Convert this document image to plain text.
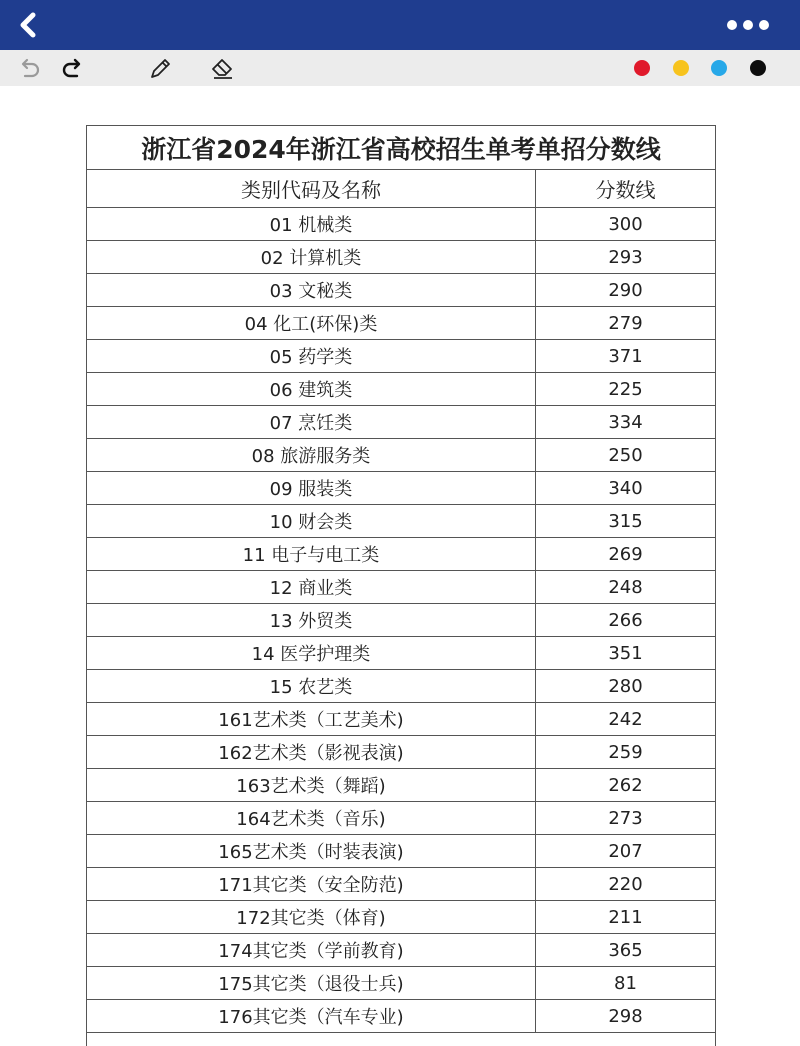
浙江省2024年浙江省高校招生单考单招分数线
类别代码及名称	分数线
01 机械类	300
02 计算机类	293
03 文秘类	290
04 化工(环保)类	279
05 药学类	371
06 建筑类	225
07 烹饪类	334
08 旅游服务类	250
09 服装类	340
10 财会类	315
11 电子与电工类	269
12 商业类	248
13 外贸类	266
14 医学护理类	351
15 农艺类	280
161艺术类（工艺美术)	242
162艺术类（影视表演)	259
163艺术类（舞蹈)	262
164艺术类（音乐)	273
165艺术类（时装表演)	207
171其它类（安全防范)	220
172其它类（体育)	211
174其它类（学前教育)	365
175其它类（退役士兵)	81
176其它类（汽车专业)	298
